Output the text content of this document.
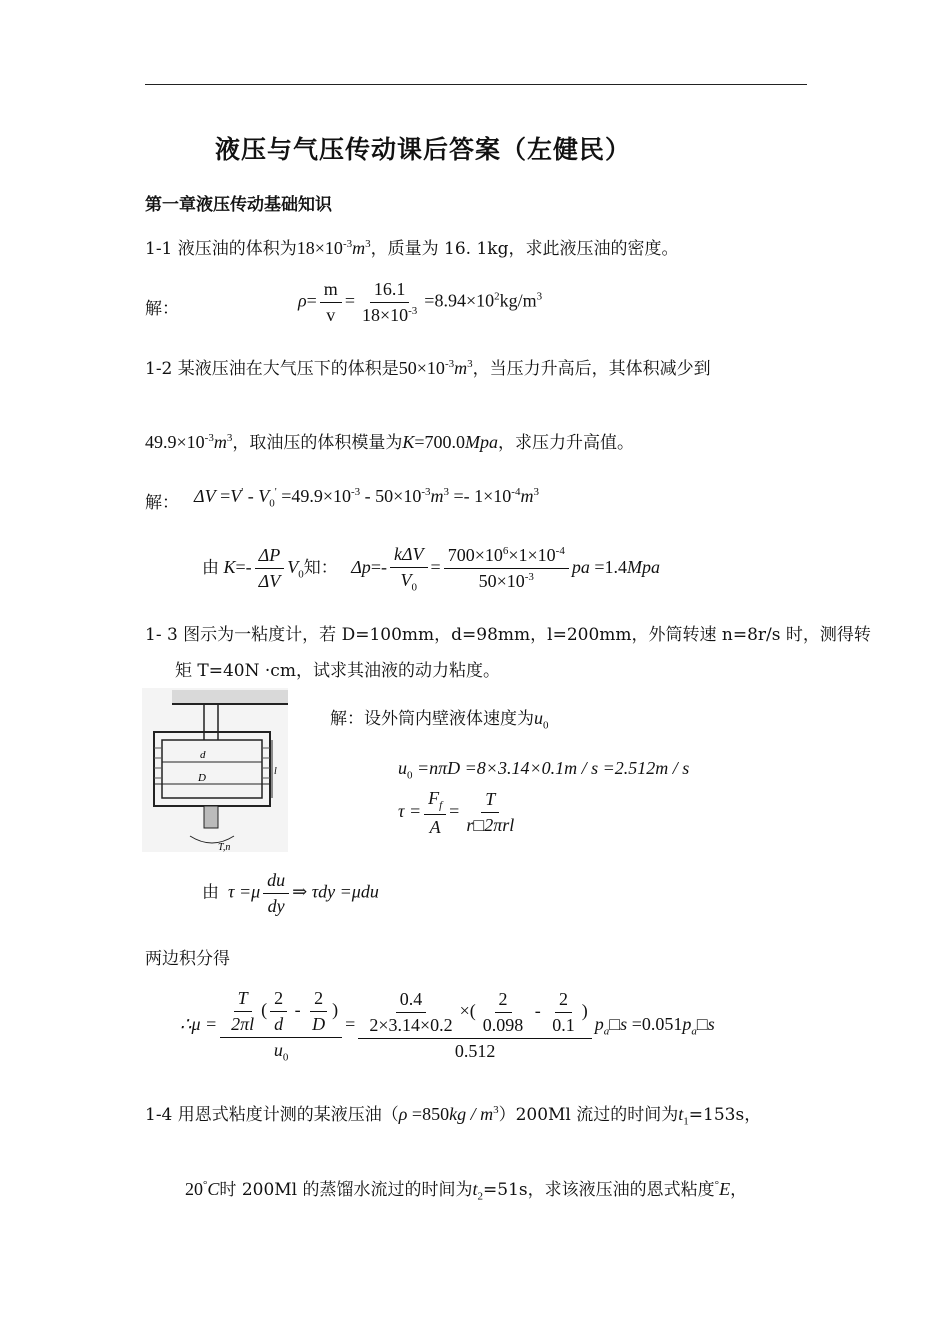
液压与气压传动课后答案（左健民）
第一章液压传动基础知识
1-1 液压油的体积为$18\times 10^{-3}m^3$，质量为 16. 1kg，求此液压油的密度。
解：	$\rho= \frac{m}{v} = \frac{16.1}{18\times 10^{-3}} =8.94\times 10^2kg/m^3$
1-2 某液压油在大气压下的体积是$50\times 10^{-3}m^3$，当压力升高后，其体积减少到
$49.9\times 10^{-3}m^3$，取油压的体积模量为K=700.0Mpa，求压力升高值。
解： $\Delta V =V' - V_0' =49.9\times 10^{-3} - 50\times 10^{-3}m^3 =- 1\times 10^{-4}m^3$
由 $K=- \frac{\Delta P}{\Delta V} V_0$知： $\Delta p=- \frac{\text{kΔV}}{V_0} = \frac{700\times 10^6\times 1\times 10^{-4}}{50\times 10^{-3}}$ pa =1.4Mpa
1- 3 图示为一粘度计，若 D=100mm，d=98mm，l=200mm，外筒转速 n=8r/s 时，测得转
矩 T=40N ·cm，试求其油液的动力粘度。
d
D
l
T,n
解：设外筒内壁液体速度为$u_0$
$u_0 =n\pi D =8\times 3.14\times 0.1m / s =2.512m / s$
$\tau = \frac{F_f}{A} = \frac{T}{\text{r□2πrl}}$
由 $\tau =\mu \frac{du}{dy}$ ⇒ τdy =μdu
两边积分得
∴μ = $\frac{\frac{T}{2\pi l} ( \frac{2}{d} - \frac{2}{D} )}{u_0} = \frac{\frac{0.4}{2\times 3.14\times 0.2} \times( \frac{2}{0.098} - \frac{2}{0.1} )}{0.512}$ $p_a□s$ $=0.051p_a□s$
1-4 用恩式粘度计测的某液压油$(\rho =850kg / m^3)200Ml$ 流过的时间为$t_1=153s$，
20°C时 200Ml 的蒸馏水流过的时间为$t_2=51s$，求该液压油的恩式粘度°E，
